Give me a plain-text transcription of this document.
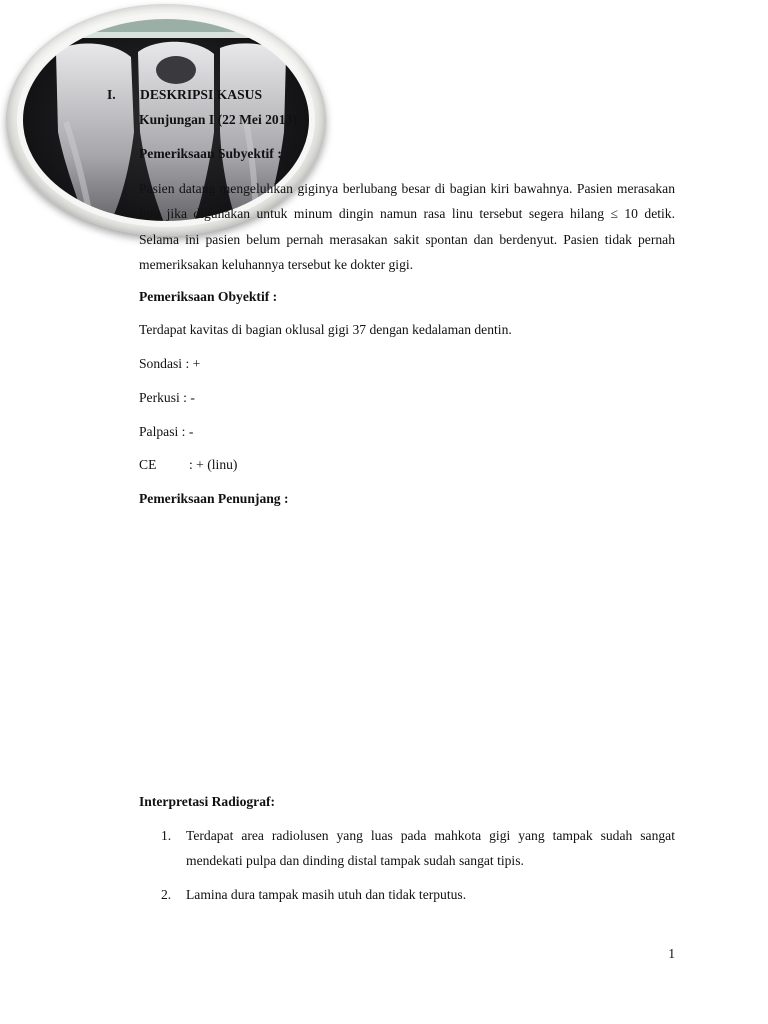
I. DESKRIPSI KASUS
Kunjungan I (22 Mei 2013)
Pemeriksaan Subyektif :
Pasien datang mengeluhkan giginya berlubang besar di bagian kiri bawahnya. Pasien merasakan linu jika digunakan untuk minum dingin namun rasa linu tersebut segera hilang ≤ 10 detik. Selama ini pasien belum pernah merasakan sakit spontan dan berdenyut. Pasien tidak pernah memeriksakan keluhannya tersebut ke dokter gigi.
Pemeriksaan Obyektif :
Terdapat kavitas di bagian oklusal gigi 37 dengan kedalaman dentin.
Sondasi : +
Perkusi : -
Palpasi : -
CE : + (linu)
Pemeriksaan Penunjang :
Interpretasi Radiograf:
1. Terdapat area radiolusen yang luas pada mahkota gigi yang tampak sudah sangat mendekati pulpa dan dinding distal tampak sudah sangat tipis.
2. Lamina dura tampak masih utuh dan tidak terputus.
1
